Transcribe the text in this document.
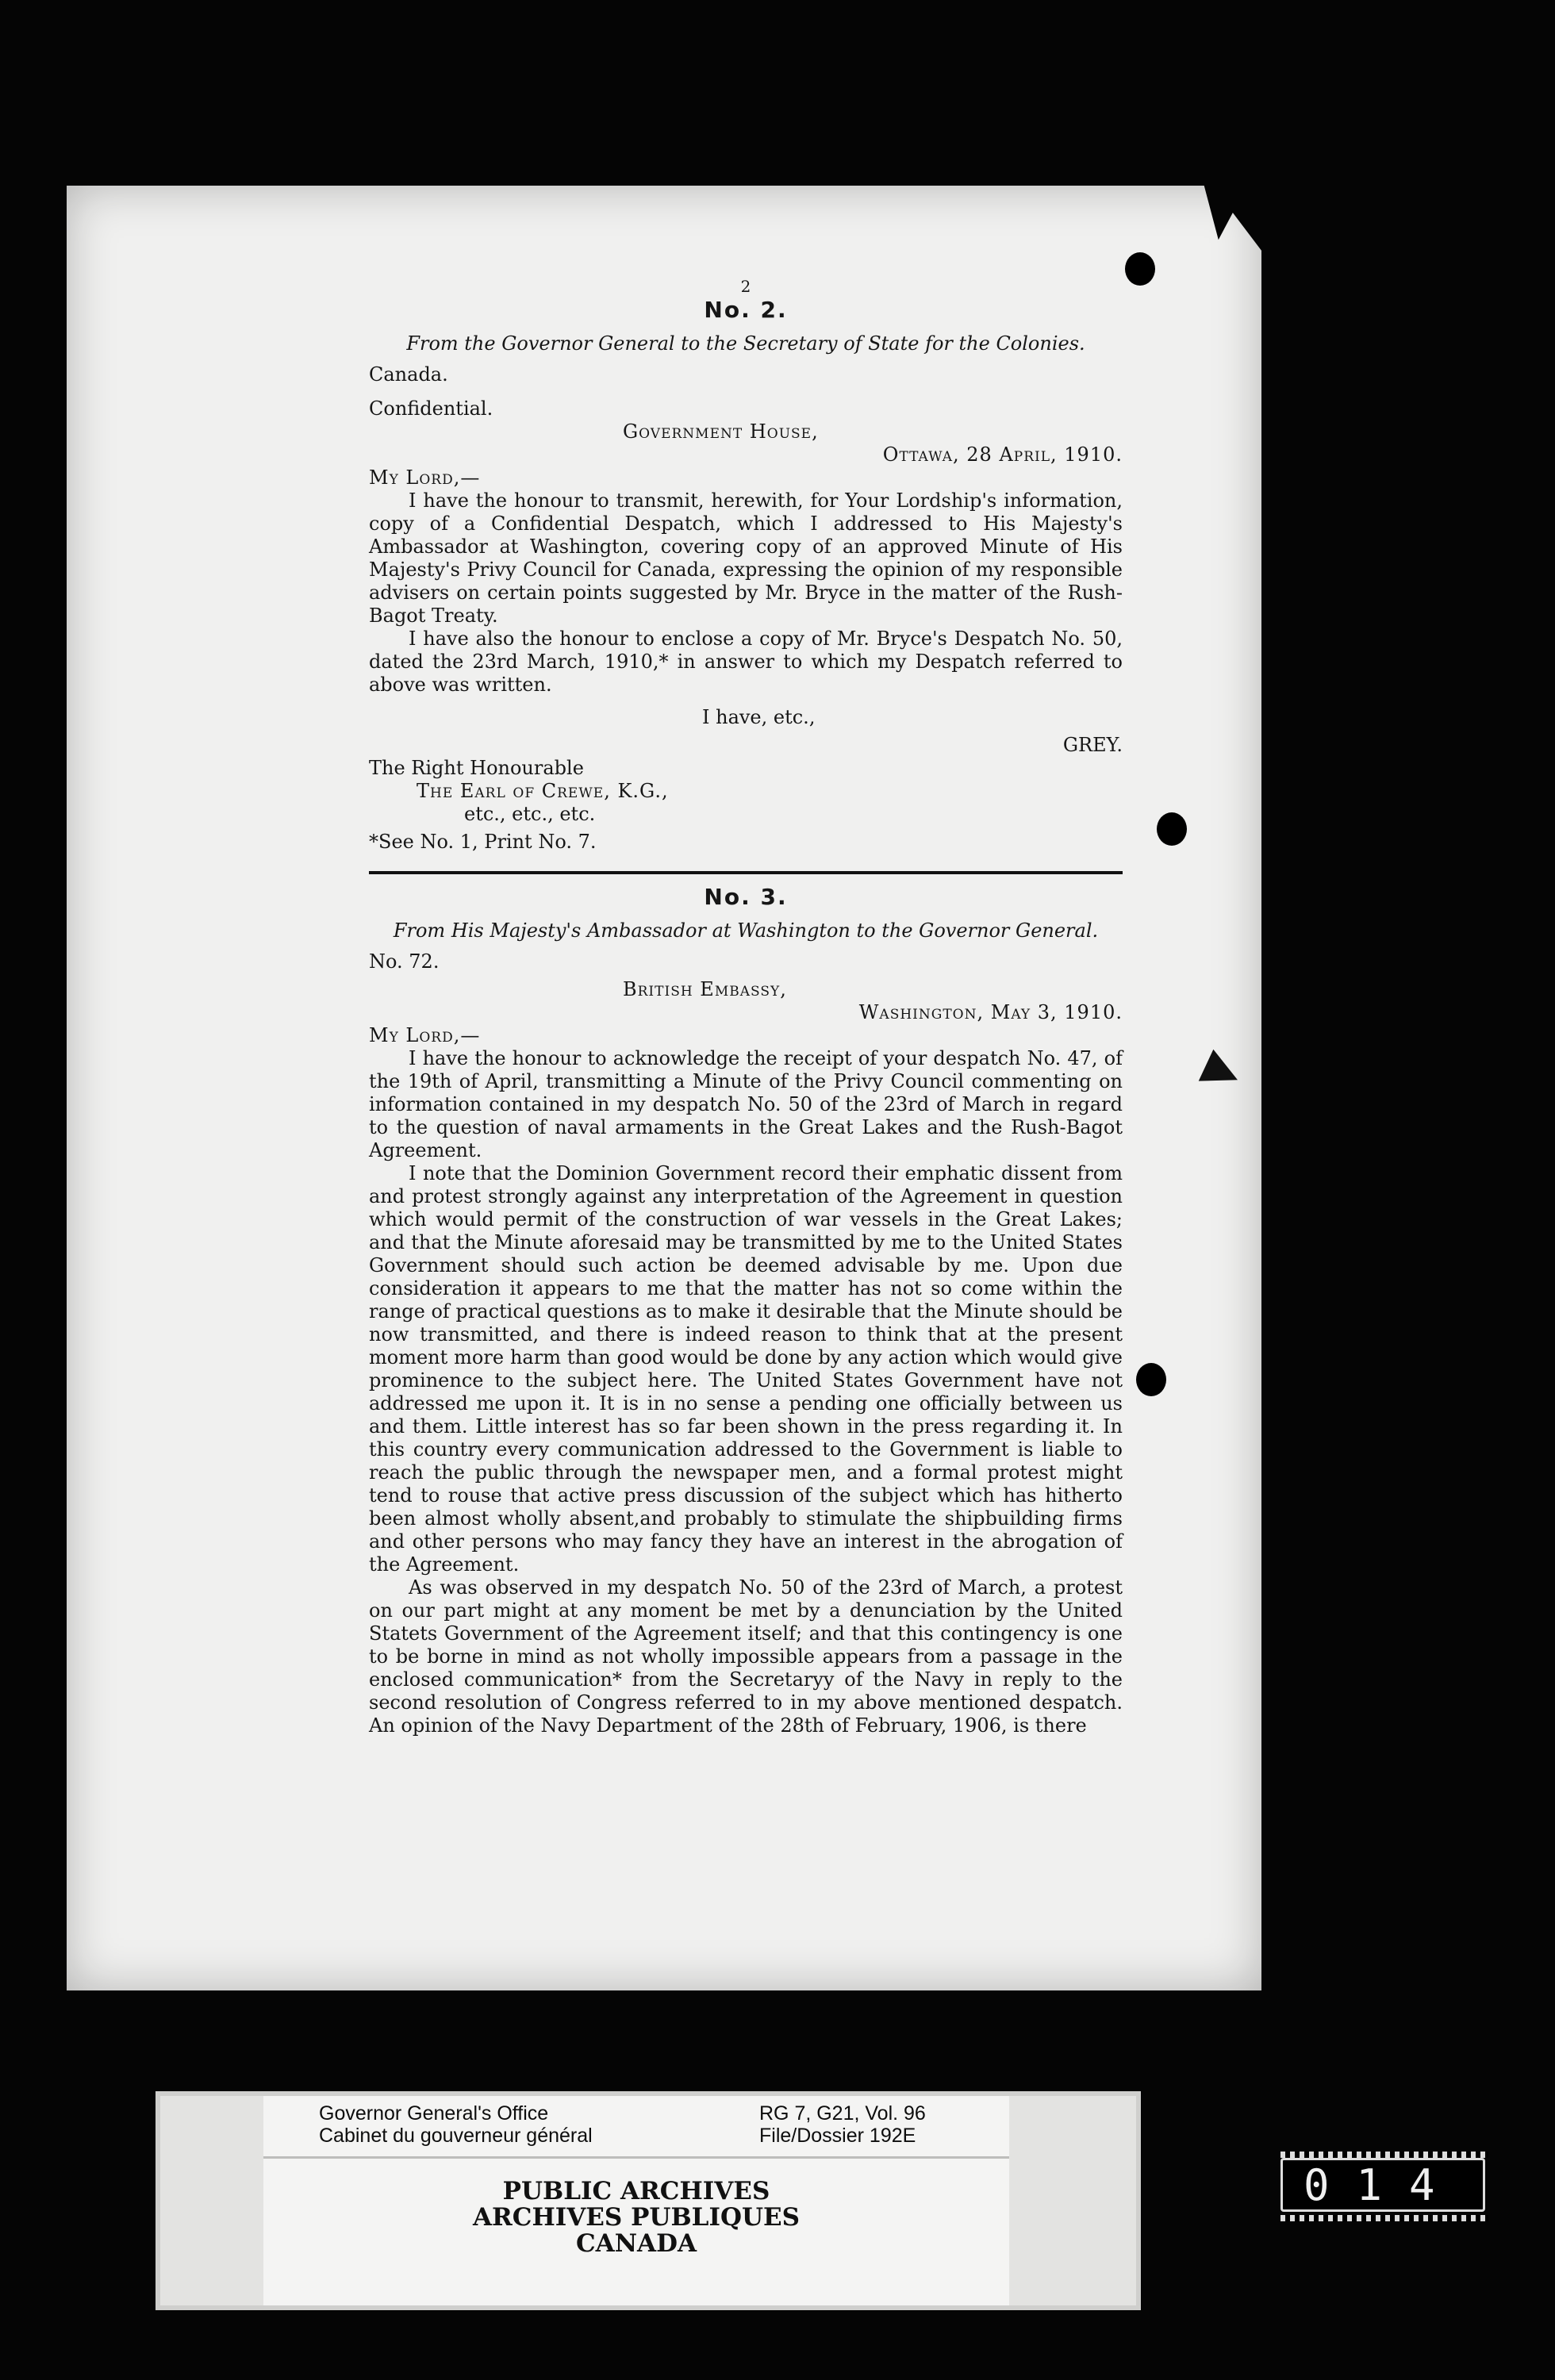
2
No. 2.
From the Governor General to the Secretary of State for the Colonies.
Canada.
Confidential.
Government House,
Ottawa, 28 April, 1910.
My Lord,—

I have the honour to transmit, herewith, for Your Lordship's information, copy of a Confidential Despatch, which I addressed to His Majesty's Ambassador at Washington, covering copy of an approved Minute of His Majesty's Privy Council for Canada, expressing the opinion of my responsible advisers on certain points suggested by Mr. Bryce in the matter of the Rush-Bagot Treaty.

I have also the honour to enclose a copy of Mr. Bryce's Despatch No. 50, dated the 23rd March, 1910,* in answer to which my Despatch referred to above was written.

I have, etc.,
GREY.
The Right Honourable
The Earl of Crewe, K.G.,
etc., etc., etc.
*See No. 1, Print No. 7.
No. 3.
From His Majesty's Ambassador at Washington to the Governor General.
No. 72.
British Embassy,
Washington, May 3, 1910.
My Lord,—

I have the honour to acknowledge the receipt of your despatch No. 47, of the 19th of April, transmitting a Minute of the Privy Council commenting on information contained in my despatch No. 50 of the 23rd of March in regard to the question of naval armaments in the Great Lakes and the Rush-Bagot Agreement.

I note that the Dominion Government record their emphatic dissent from and protest strongly against any interpretation of the Agreement in question which would permit of the construction of war vessels in the Great Lakes; and that the Minute aforesaid may be transmitted by me to the United States Government should such action be deemed advisable by me. Upon due consideration it appears to me that the matter has not so come within the range of practical questions as to make it desirable that the Minute should be now transmitted, and there is indeed reason to think that at the present moment more harm than good would be done by any action which would give prominence to the subject here. The United States Government have not addressed me upon it. It is in no sense a pending one officially between us and them. Little interest has so far been shown in the press regarding it. In this country every communication addressed to the Government is liable to reach the public through the newspaper men, and a formal protest might tend to rouse that active press discussion of the subject which has hitherto been almost wholly absent,and probably to stimulate the shipbuilding firms and other persons who may fancy they have an interest in the abrogation of the Agreement.

As was observed in my despatch No. 50 of the 23rd of March, a protest on our part might at any moment be met by a denunciation by the United Statets Government of the Agreement itself; and that this contingency is one to be borne in mind as not wholly impossible appears from a passage in the enclosed communication* from the Secretaryy of the Navy in reply to the second resolution of Congress referred to in my above mentioned despatch. An opinion of the Navy Department of the 28th of February, 1906, is there

Governor General's Office
Cabinet du gouverneur général
RG 7, G21, Vol. 96
File/Dossier 192E
PUBLIC ARCHIVES
ARCHIVES PUBLIQUES
CANADA
014
